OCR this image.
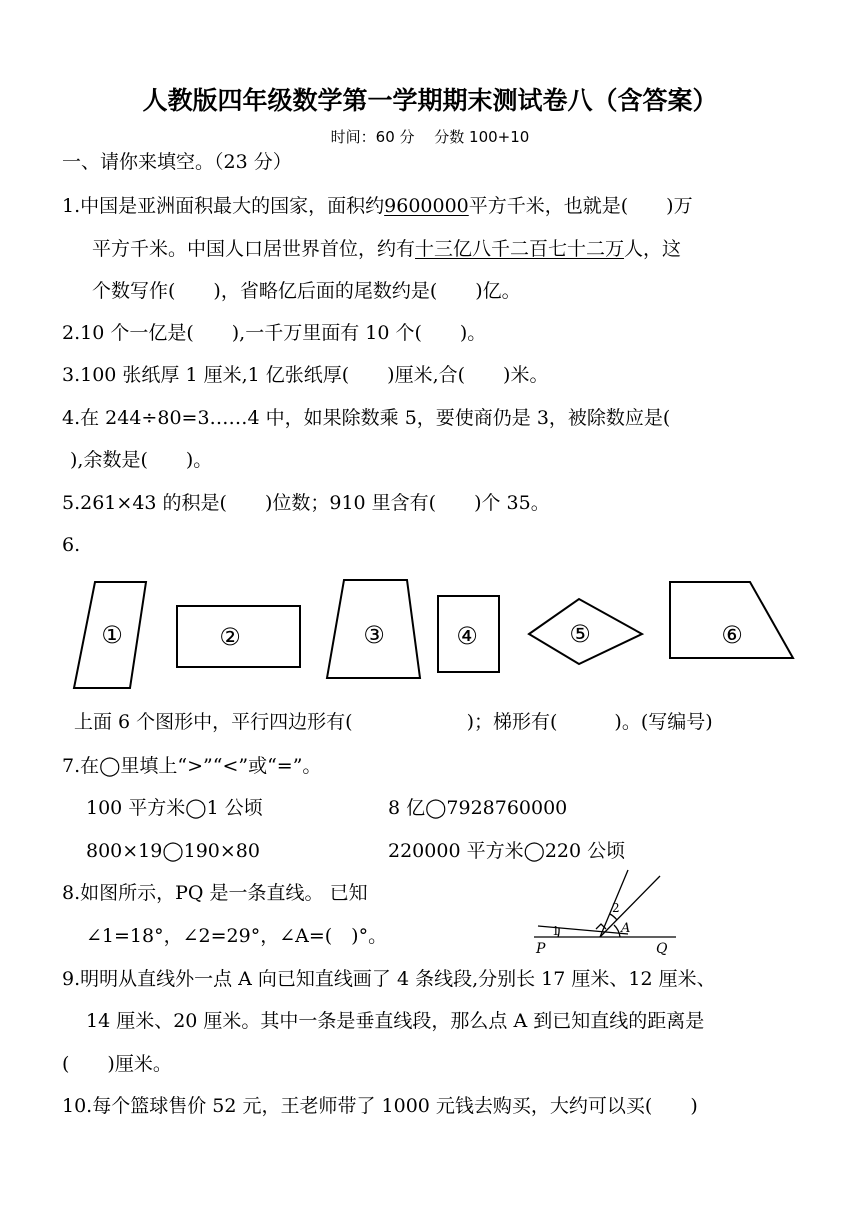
人教版四年级数学第一学期期末测试卷八（含答案）
时间：60 分　 分数 100+10
一、请你来填空。（23 分）
1.中国是亚洲面积最大的国家，面积约9600000平方千米，也就是(　　)万
平方千米。中国人口居世界首位，约有十三亿八千二百七十二万人，这
个数写作(　　)，省略亿后面的尾数约是(　　)亿。
2.10 个一亿是(　　),一千万里面有 10 个(　　)。
3.100 张纸厚 1 厘米,1 亿张纸厚(　　)厘米,合(　　)米。
4.在 244÷80=3……4 中，如果除数乘 5，要使商仍是 3，被除数应是(
),余数是(　　)。
5.261×43 的积是(　　)位数；910 里含有(　　)个 35。
6.
①	②	③	④	⑤	⑥
上面 6 个图形中，平行四边形有(　　　　　　)；梯形有(　　　)。(写编号)
7.在◯里填上“>”“<”或“=”。
100 平方米◯1 公顷	8 亿◯7928760000
800×19◯190×80	220000 平方米◯220 公顷
8.如图所示，PQ 是一条直线。 已知
∠1=18°，∠2=29°，∠A=(　)°。
P	Q
1
2
A
9.明明从直线外一点 A 向已知直线画了 4 条线段,分别长 17 厘米、12 厘米、
14 厘米、20 厘米。其中一条是垂直线段，那么点 A 到已知直线的距离是
(　　)厘米。
10.每个篮球售价 52 元，王老师带了 1000 元钱去购买，大约可以买(　　)
